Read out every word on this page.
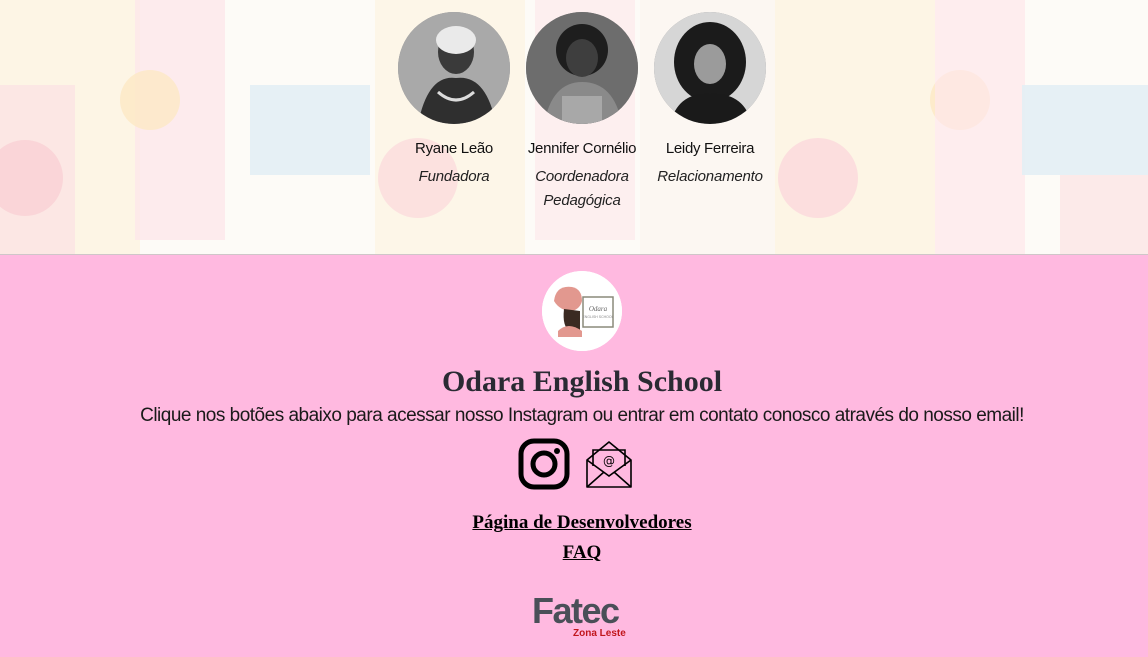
Ryane Leão
Fundadora
Jennifer Cornélio
Coordenadora Pedagógica
Leidy Ferreira
Relacionamento
Odara
ENGLISH SCHOOL
Odara English School

Clique nos botões abaixo para acessar nosso Instagram ou entrar em contato conosco através do nosso email!

@
Página de Desenvolvedores
FAQ
Fatec
Zona Leste
